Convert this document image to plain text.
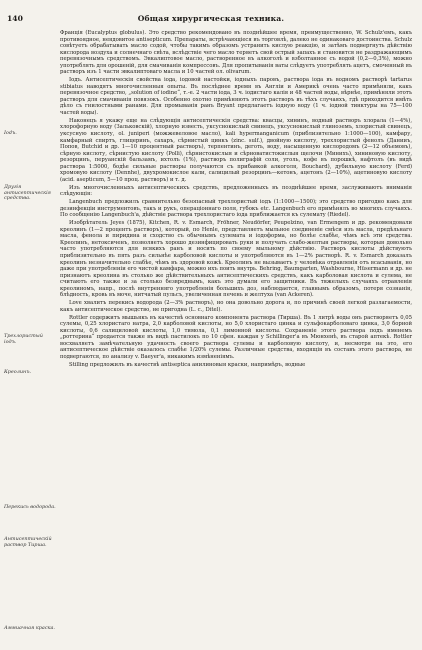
140	Общая хирургическая техника.
Iodъ.
Другія антисептическія средства.
Трехлористый іодъ.
Креолинъ.
Перекись водорода.
Антисептическій раствор Тирша.
Аммиачная краска.

Франція (Eucalyptus globulus). Это средство рекомендовано въ позднѣйшее время, преимущественно, W. Schulz'емъ, какъ противоядное, неядовитое antisepticum. Препараты, встрѣчающіеся въ торговлѣ, далеко не одинаковаго достоинства. Schulz совѣтуетъ обрабатывать масло содой, чтобы такимъ образомъ устранить кислую реакцію, и затѣмъ подвергнуть дѣйствію кислорода воздуха и солнечнаго свѣта, вслѣдствіе чего масло теряетъ свой острый запахъ и становится не раздражающимъ перевязочнымъ средствомъ. Эвкалиптовое масло, растворенное въ алкоголѣ и взболтанное съ водой (0,2—0,3%), можно употреблять для орошеній, для смачиванія компрессовъ. Для пропитыванія ваты слѣдуетъ употреблять ацетъ, смоченный въ растворъ изъ 1 части эвкалиптоваго масла и 10 частей ол. olivarum.

Іодъ. Антисептическія свойства іода, іодовой настойки, іодныхъ паровъ, раствора іода въ водномъ растворѣ tartarus stibiatus наводятъ многочисленныя опыты. Въ послѣднее время въ Англіи и Америкѣ очень часто примѣняли, какъ перевязочное средство, „solution of iodine“, т.-е. 2 части іода, 3 ч. іодистаго калія и 48 частей воды, вѣрнѣе, примѣняли этотъ растворъ для смачиванія повязокъ. Особенно охотно примѣняютъ этотъ растворъ въ тѣхъ случаяхъ, гдѣ приходится имѣть дѣло съ гнилостными ранами. Для промыванія ранъ Bryant предлагаетъ іодную воду (1 ч. іодной тинктуры на 75—100 частей воды).

Наконецъ я укажу еще на слѣдующія антисептическія средства: квасцы, хининъ, водный растворъ хлорала (1—4%), хлорофорную воду (Зальковскій), хлорную известь, уксуснокислый свинецъ, уксуснокислый глиноземъ, хлористый свинецъ, уксусную кислоту, ol. juniperi (можжевеловое масло), kali hypermanganicum (приблизительно 1:1000—100), камфару, камфарный спиртъ, глицеринъ, сахаръ, сѣрнистый цинкъ (zinc. sulf.), двойную кислоту, трехлористый фенолъ (Данииъ, Попов, Butchid и др. 1—10 процентный растворъ), терпентинъ, деготь, воду, насыщенную кислородомъ (2—12 объемовъ), сѣрную кислоту, сѣрнистую кислоту (Polli), сѣрнистокислыя и сѣрноватистокислыя щелочи (Минихъ), хининовую кислоту, резорцинъ, перуанскій бальзамъ, ихтолъ (1%), растворъ полиграфій соли, уголь, кофе въ порошкѣ, нафтолъ (въ видѣ раствора 1:5000, бодѣе сильные растворы получаются съ прибавкой алкоголя, Bouchard), дубильную кислоту (Ferd) хромовую кислоту (Dennhe), двухромокислое кали, салицилый резорцинъ—кетонъ, ацетонъ (2—10%), ацетиновую кислоту (acid. asepticum, 5—10 проц. растворъ) и т. д.

Изъ многочисленныхъ антисептическихъ средствъ, предложенныхъ въ позднѣйшее время, заслуживаютъ вниманія слѣдующія:

Langenbuch предложилъ сравнительно безопасный трехлористый іодъ (1:1000—1500); это средство пригодно какъ для дезинфекціи инструментовъ, такъ и рукъ, операціоннаго поля, губокъ etc. Langenbuch его примѣнялъ во многихъ случаяхъ. По сообщенію Langenbuch'а, дѣйствіе раствора трехлористаго іода приближается къ сулемату (Riedel).

Изобрѣтатель Jeyes (1875), Kitchen, R. v. Esmarch, Fröhner, Neudörfer, Peupelzino, van Ermengem и др. рекомендовали креолинъ (1—2 процентъ растворъ), который, по Henle, представляетъ мыльное соединеніе смѣси изъ масла, предѣльнаго масла, фенола и пиридина и сходство съ обычнымъ сулемата и іодоформа, но болѣе слабѣе, чѣмъ всѣ эти средства. Креолинъ, нетоксиченъ, позволяетъ хорошо дезинфицировать руки и получать слабо-желтыя растворы, которыя довольно часто употребляются для всякихъ ранъ и носить по своему мыльному дѣйствію. Растворъ кислоты дѣйствуютъ приблизительно въ пять разъ сильнѣе карболовой кислоты и употребляются въ 1—2% растворѣ. R. v. Esmarch доказалъ креолинъ незначительно слабѣе, чѣмъ въ здоровой кожѣ. Креолинъ не вызываетъ у человѣка отравленія отъ всасыванія, но даже при употребленіи его чистой камфара, можно ихъ поить внутрь. Behring, Baumgarten, Washbourne, Hüsermann и др. не признаютъ креолина въ столько же дѣйствительныхъ антисептическихъ средствъ, какъ карболовая кислота и сулема, не считаютъ его также и за столько безвреднымъ, какъ это думали его защитники. Въ тяжелыхъ случаяхъ отравленія креолиномъ, напр., послѣ внутренняго употребленія большихъ доз, наблюдается, главнымъ образомъ, потеря сознанія, блѣдность, кровь въ моче, нитчатый пульсъ, увеличенная печень и желтуха (van Ackeren).

Love хвалитъ перекись водорода (2—3% растворъ), но она довольно дорога и, по причинѣ своей легкой разлагаемости, какъ антисептическое средство, не пригодна (L. c., Ditel).

Rottler содержитъ мышьякъ въ качествѣ основнаго компонента раствора (Тирша). Въ 1 литрѣ воды онъ растворяетъ 0,05 сулемы, 0,25 хлористаго натра, 2,0 карболовой кислоты, но 5,0 хлористаго цинка и сульфокарболоваго цинка, 3,0 борной кислоты, 0,6 салициловой кислоты, 1,0 тимола, 0,1 лимонной кислоты. Сохраненіе этого раствора подъ именемъ „роттерина“ продается также въ видѣ пастилокъ по 10 сфен. каждая у Schillinger'а въ Мюнхенѣ, въ старой аптекѣ. Rottler восхваляетъ замѣчательную удачность своего раствора сулемы и карболовую кислоту, и, несмотря на это, его антисептическое дѣйствіе оказалось слабѣе 1/20% сулемы. Различные средства, входящія въ составъ этого раствора, не подвергаются, по анализу v. Baeyer'а, никакимъ измѣненіямъ.

Stilling предложилъ въ качествѣ antiseptica анилиновыя краски, напримѣръ, водные
